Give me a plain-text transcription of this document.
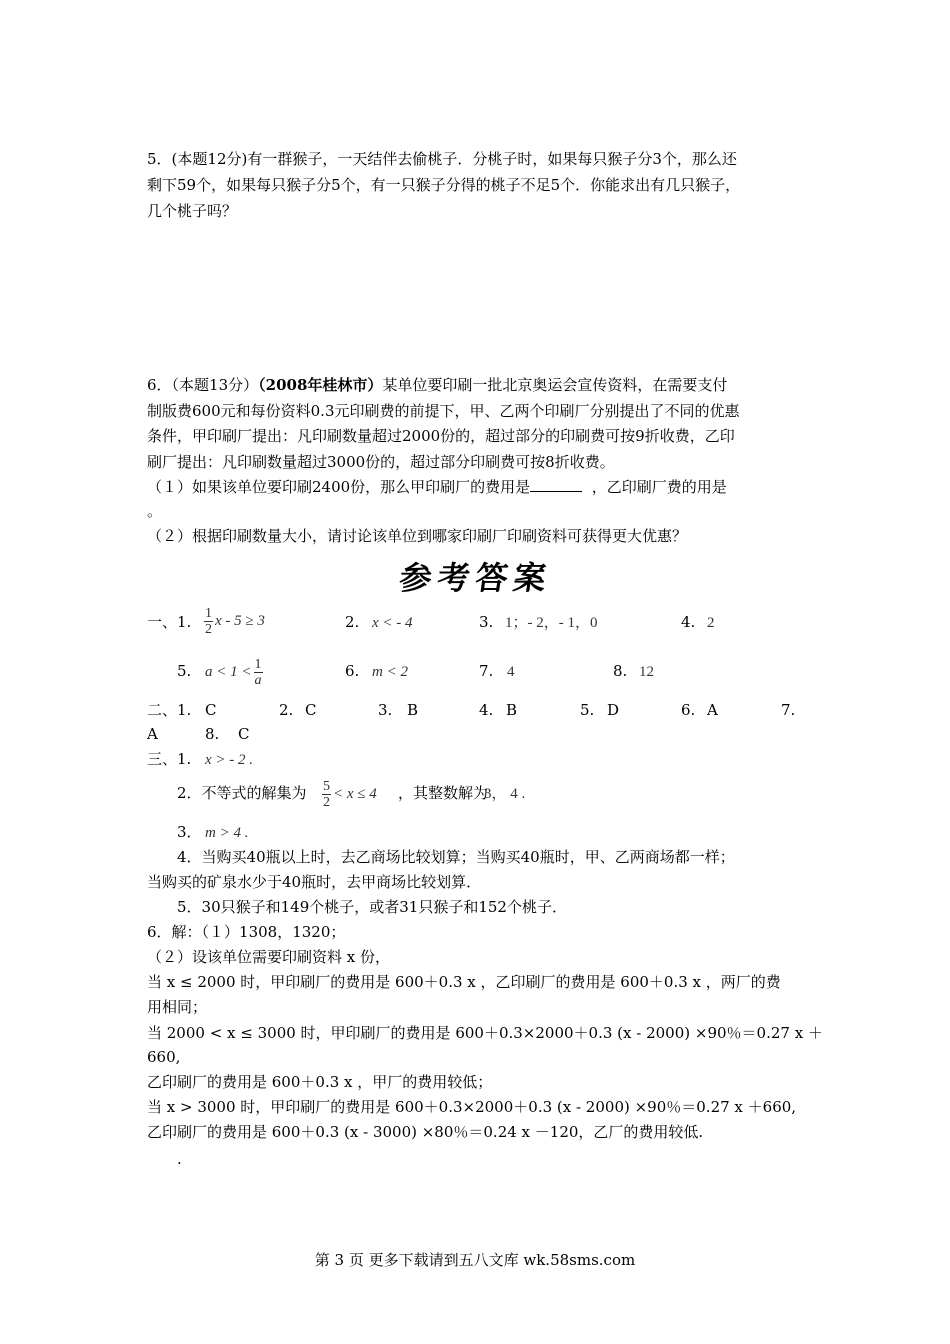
5．(本题12分)有一群猴子，一天结伴去偷桃子．分桃子时，如果每只猴子分3个，那么还
剩下59个，如果每只猴子分5个，有一只猴子分得的桃子不足5个．你能求出有几只猴子，
几个桃子吗？
6．（本题13分）（2008年桂林市）某单位要印刷一批北京奥运会宣传资料，在需要支付
制版费600元和每份资料0.3元印刷费的前提下，甲、乙两个印刷厂分别提出了不同的优惠
条件，甲印刷厂提出：凡印刷数量超过2000份的，超过部分的印刷费可按9折收费，乙印
刷厂提出：凡印刷数量超过3000份的，超过部分印刷费可按8折收费。
（１）如果该单位要印刷2400份，那么甲印刷厂的费用是	，乙印刷厂费的用是
。
（２）根据印刷数量大小，请讨论该单位到哪家印刷厂印刷资料可获得更大优惠？
参考答案
一、1. $\frac{1}{2}$ x - 5 ≥ 3	2. x < - 4	3. 1；- 2，- 1，0	4. 2
5. $a < 1 < \frac{1}{a}$	6. m < 2	7. 4	8. 12
二、1. C	2. C	3. B	4. B	5. D	6. A	7.
A	8. C
三、1. x > - 2 .
2．不等式的解集为 $\frac{5}{2} < x \le 4$ ，其整数解为
3， 4 .
3． m > 4 .
4．当购买40瓶以上时，去乙商场比较划算；当购买40瓶时，甲、乙两商场都一样；
当购买的矿泉水少于40瓶时，去甲商场比较划算．
5．30只猴子和149个桃子，或者31只猴子和152个桃子．
6．解：（１）1308，1320；
（２）设该单位需要印刷资料 x 份，
当 x ≤ 2000 时，甲印刷厂的费用是 600＋0.3 x ，乙印刷厂的费用是 600＋0.3 x ，两厂的费
用相同；
当 2000 < x ≤ 3000 时，甲印刷厂的费用是 600＋0.3×2000＋0.3 (x - 2000) ×90％＝0.27 x ＋
660,
乙印刷厂的费用是 600＋0.3 x ，甲厂的费用较低；
当 x > 3000 时，甲印刷厂的费用是 600＋0.3×2000＋0.3 (x - 2000) ×90％＝0.27 x ＋660,
乙印刷厂的费用是 600＋0.3 (x - 3000) ×80％＝0.24 x －120，乙厂的费用较低.
.
第 3 页 更多下载请到五八文库 wk.58sms.com
